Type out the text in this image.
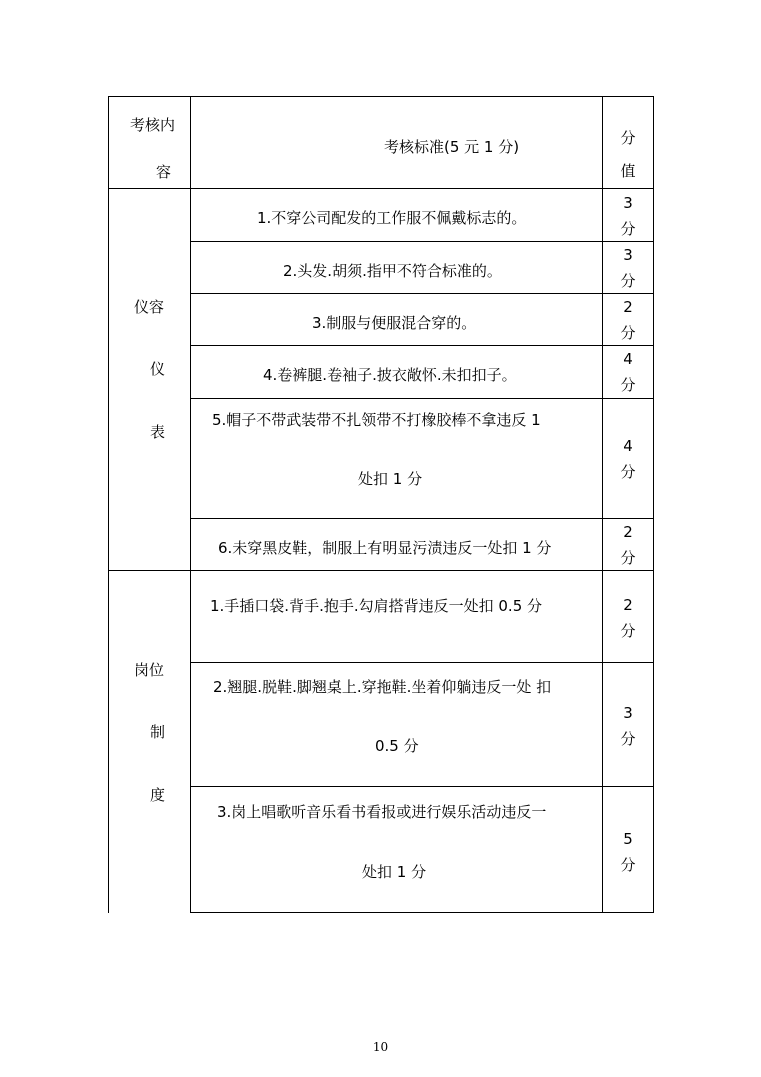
考核内
容
考核标准(5 元 1 分)	分
值
仪容
仪
表
1.不穿公司配发的工作服不佩戴标志的。
3
分
2.头发.胡须.指甲不符合标准的。
3
分
3.制服与便服混合穿的。
2
分
4.卷裤腿.卷袖子.披衣敞怀.未扣扣子。
4
分
5.帽子不带武装带不扎领带不打橡胶棒不拿违反 1
处扣 1 分
4
分
6.未穿黑皮鞋，制服上有明显污渍违反一处扣 1 分
2
分
岗位
制
度
1.手插口袋.背手.抱手.勾肩搭背违反一处扣 0.5 分	2
分
2.翘腿.脱鞋.脚翘桌上.穿拖鞋.坐着仰躺违反一处 扣
0.5 分
3
分
3.岗上唱歌听音乐看书看报或进行娱乐活动违反一
处扣 1 分
5
分
10
